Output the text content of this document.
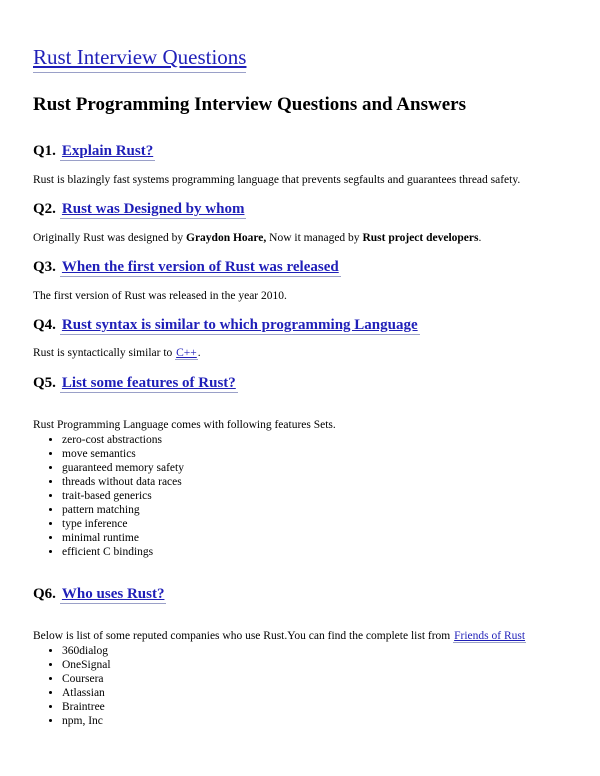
Rust Interview Questions
Rust Programming Interview Questions and Answers
Q1. Explain Rust?
Rust is blazingly fast systems programming language that prevents segfaults and guarantees thread safety.
Q2. Rust was Designed by whom
Originally Rust was designed by Graydon Hoare, Now it managed by Rust project developers.
Q3. When the first version of Rust was released
The first version of Rust was released in the year 2010.
Q4. Rust syntax is similar to which programming Language
Rust is syntactically similar to C++.
Q5. List some features of Rust?
Rust Programming Language comes with following features Sets.
• zero-cost abstractions
• move semantics
• guaranteed memory safety
• threads without data races
• trait-based generics
• pattern matching
• type inference
• minimal runtime
• efficient C bindings
Q6. Who uses Rust?
Below is list of some reputed companies who use Rust.You can find the complete list from Friends of Rust
• 360dialog
• OneSignal
• Coursera
• Atlassian
• Braintree
• npm, Inc
